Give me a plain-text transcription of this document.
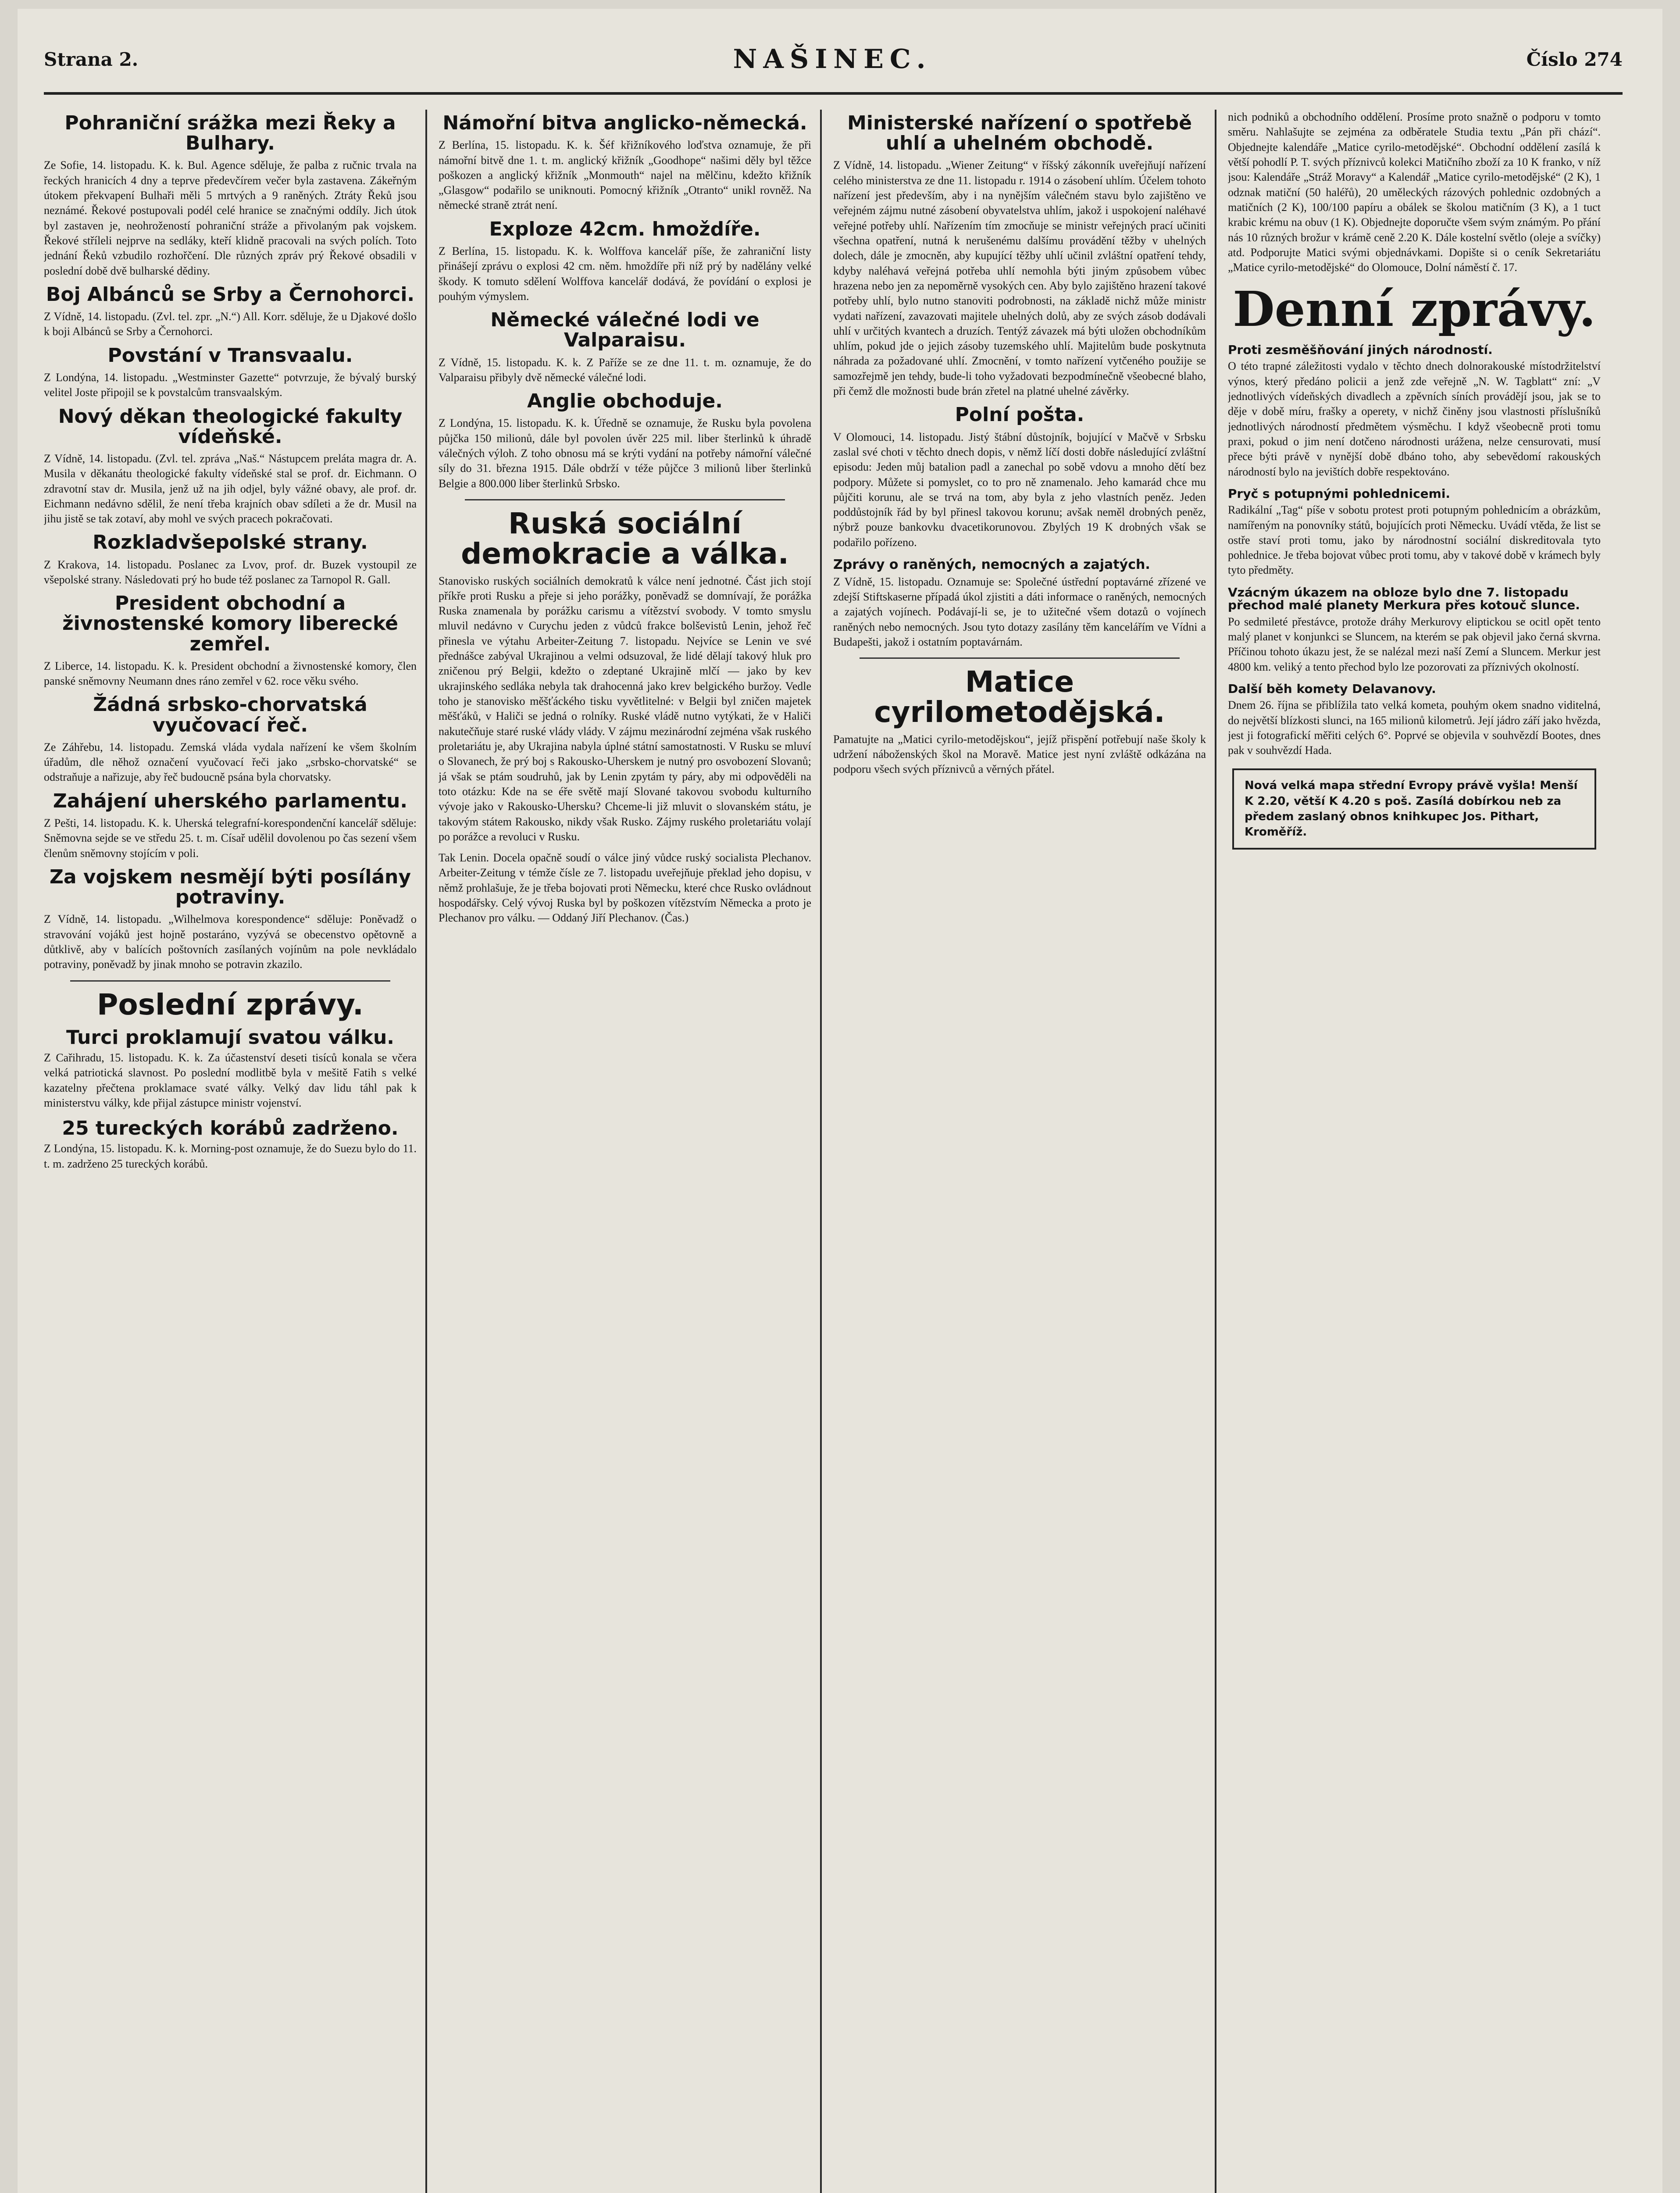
Strana 2.	NAŠINEC.	Číslo 274
Pohraniční srážka mezi Řeky a Bulhary.

Ze Sofie, 14. listopadu. K. k. Bul. Agence sděluje, že palba z ručnic trvala na řeckých hranicích 4 dny a teprve předevčírem večer byla zastavena. Zákeřným útokem překvapení Bulhaři měli 5 mrtvých a 9 raněných. Ztráty Řeků jsou neznámé. Řekové postupovali podél celé hranice se značnými oddíly. Jich útok byl zastaven je, neohrožeností pohraniční stráže a přivolaným pak vojskem. Řekové stříleli nejprve na sedláky, kteří klidně pracovali na svých polích. Toto jednání Řeků vzbudilo rozhořčení. Dle různých zpráv prý Řekové obsadili v poslední době dvě bulharské dědiny.

Boj Albánců se Srby a Černohorci.

Z Vídně, 14. listopadu. (Zvl. tel. zpr. „N.“) All. Korr. sděluje, že u Djakové došlo k boji Albánců se Srby a Černohorci.

Povstání v Transvaalu.

Z Londýna, 14. listopadu. „Westminster Gazette“ potvrzuje, že bývalý burský velitel Joste připojil se k povstalcům transvaalským.

Nový děkan theologické fakulty vídeňské.

Z Vídně, 14. listopadu. (Zvl. tel. zpráva „Naš.“ Nástupcem preláta magra dr. A. Musila v děkanátu theologické fakulty vídeňské stal se prof. dr. Eichmann. O zdravotní stav dr. Musila, jenž už na jih odjel, byly vážné obavy, ale prof. dr. Eichmann nedávno sdělil, že není třeba krajních obav sdíleti a že dr. Musil na jihu jistě se tak zotaví, aby mohl ve svých pracech pokračovati.

Rozkladvšepolské strany.

Z Krakova, 14. listopadu. Poslanec za Lvov, prof. dr. Buzek vystoupil ze všepolské strany. Následovati prý ho bude též poslanec za Tarnopol R. Gall.

President obchodní a živnostenské komory liberecké zemřel.

Z Liberce, 14. listopadu. K. k. President obchodní a živnostenské komory, člen panské sněmovny Neumann dnes ráno zemřel v 62. roce věku svého.

Žádná srbsko-chorvatská vyučovací řeč.

Ze Záhřebu, 14. listopadu. Zemská vláda vydala nařízení ke všem školním úřadům, dle něhož označení vyučovací řeči jako „srbsko-chorvatské“ se odstraňuje a nařizuje, aby řeč budoucně psána byla chorvatsky.

Zahájení uherského parlamentu.

Z Pešti, 14. listopadu. K. k. Uherská telegrafní-korespondenční kancelář sděluje: Sněmovna sejde se ve středu 25. t. m. Císař udělil dovolenou po čas sezení všem členům sněmovny stojícím v poli.

Za vojskem nesmějí býti posílány potraviny.

Z Vídně, 14. listopadu. „Wilhelmova korespondence“ sděluje: Poněvadž o stravování vojáků jest hojně postaráno, vyzývá se obecenstvo opětovně a důtklivě, aby v balících poštovních zasílaných vojínům na pole nevkládalo potraviny, poněvadž by jinak mnoho se potravin zkazilo.

Poslední zprávy.
Turci proklamují svatou válku.

Z Cařihradu, 15. listopadu. K. k. Za účastenství deseti tisíců konala se včera velká patriotická slavnost. Po poslední modlitbě byla v mešitě Fatih s velké kazatelny přečtena proklamace svaté války. Velký dav lidu táhl pak k ministerstvu války, kde přijal zástupce ministr vojenství.

25 tureckých korábů zadrženo.

Z Londýna, 15. listopadu. K. k. Morning-post oznamuje, že do Suezu bylo do 11. t. m. zadrženo 25 tureckých korábů.

Námořní bitva anglicko-německá.

Z Berlína, 15. listopadu. K. k. Šéf křižníkového loďstva oznamuje, že při námořní bitvě dne 1. t. m. anglický křižník „Goodhope“ našimi děly byl těžce poškozen a anglický křižník „Monmouth“ najel na mělčinu, kdežto křižník „Glasgow“ podařilo se uniknouti. Pomocný křižník „Otranto“ unikl rovněž. Na německé straně ztrát není.

Exploze 42cm. hmoždíře.

Z Berlína, 15. listopadu. K. k. Wolffova kancelář píše, že zahraniční listy přinášejí zprávu o explosi 42 cm. něm. hmoždíře při níž prý by nadělány velké škody. K tomuto sdělení Wolffova kancelář dodává, že povídání o explosi je pouhým výmyslem.

Německé válečné lodi ve Valparaisu.

Z Vídně, 15. listopadu. K. k. Z Paříže se ze dne 11. t. m. oznamuje, že do Valparaisu přibyly dvě německé válečné lodi.

Anglie obchoduje.

Z Londýna, 15. listopadu. K. k. Úředně se oznamuje, že Rusku byla povolena půjčka 150 milionů, dále byl povolen úvěr 225 mil. liber šterlinků k úhradě válečných výloh. Z toho obnosu má se krýti vydání na potřeby námořní válečné síly do 31. března 1915. Dále obdrží v téže půjčce 3 milionů liber šterlinků Belgie a 800.000 liber šterlinků Srbsko.

Ruská sociální demokracie a válka.

Stanovisko ruských sociálních demokratů k válce není jednotné. Část jich stojí příkře proti Rusku a přeje si jeho porážky, poněvadž se domnívají, že porážka Ruska znamenala by porážku carismu a vítězství svobody. V tomto smyslu mluvil nedávno v Curychu jeden z vůdců frakce bolševistů Lenin, jehož řeč přinesla ve výtahu Arbeiter-Zeitung 7. listopadu. Nejvíce se Lenin ve své přednášce zabýval Ukrajinou a velmi odsuzoval, že lidé dělají takový hluk pro zničenou prý Belgii, kdežto o zdeptané Ukrajině mlčí — jako by kev ukrajinského sedláka nebyla tak drahocenná jako krev belgického buržoy. Vedle toho je stanovisko měšťáckého tisku vyvětlitelné: v Belgii byl zničen majetek měšťáků, v Haliči se jedná o rolníky. Ruské vládě nutno vytýkati, že v Haliči nakutečňuje staré ruské vlády vlády. V zájmu mezinárodní zejména však ruského proletariátu je, aby Ukrajina nabyla úplné státní samostatnosti. V Rusku se mluví o Slovanech, že prý boj s Rakousko-Uherskem je nutný pro osvobození Slovanů; já však se ptám soudruhů, jak by Lenin zpytám ty páry, aby mi odpověděli na toto otázku: Kde na se éře světě mají Slované takovou svobodu kulturního vývoje jako v Rakousko-Uhersku? Chceme-li již mluvit o slovanském státu, je takovým státem Rakousko, nikdy však Rusko. Zájmy ruského proletariátu volají po porážce a revoluci v Rusku.

Tak Lenin. Docela opačně soudí o válce jiný vůdce ruský socialista Plechanov. Arbeiter-Zeitung v témže čísle ze 7. listopadu uveřejňuje překlad jeho dopisu, v němž prohlašuje, že je třeba bojovati proti Německu, které chce Rusko ovládnout hospodářsky. Celý vývoj Ruska byl by poškozen vítězstvím Německa a proto je Plechanov pro válku. — Oddaný Jiří Plechanov. (Čas.)

Ministerské nařízení o spotřebě uhlí a uhelném obchodě.

Z Vídně, 14. listopadu. „Wiener Zeitung“ v říšský zákonník uveřejňují nařízení celého ministerstva ze dne 11. listopadu r. 1914 o zásobení uhlím. Účelem tohoto nařízení jest především, aby i na nynějším válečném stavu bylo zajištěno ve veřejném zájmu nutné zásobení obyvatelstva uhlím, jakož i uspokojení naléhavé veřejné potřeby uhlí. Nařízením tím zmocňuje se ministr veřejných prací učiniti všechna opatření, nutná k nerušenému dalšímu provádění těžby v uhelných dolech, dále je zmocněn, aby kupující těžby uhlí učinil zvláštní opatření tehdy, kdyby naléhavá veřejná potřeba uhlí nemohla býti jiným způsobem vůbec hrazena nebo jen za nepoměrně vysokých cen. Aby bylo zajištěno hrazení takové potřeby uhlí, bylo nutno stanoviti podrobnosti, na základě nichž může ministr vydati nařízení, zavazovati majitele uhelných dolů, aby ze svých zásob dodávali uhlí v určitých kvantech a druzích. Tentýž závazek má býti uložen obchodníkům uhlím, pokud jde o jejich zásoby tuzemského uhlí. Majitelům bude poskytnuta náhrada za požadované uhlí. Zmocnění, v tomto nařízení vytčeného použije se samozřejmě jen tehdy, bude-li toho vyžadovati bezpodmínečně všeobecné blaho, při čemž dle možnosti bude brán zřetel na platné uhelné závěrky.

Polní pošta.

V Olomouci, 14. listopadu. Jistý štábní důstojník, bojující v Mačvě v Srbsku zaslal své choti v těchto dnech dopis, v němž líčí dosti dobře následující zvláštní episodu: Jeden můj batalion padl a zanechal po sobě vdovu a mnoho dětí bez podpory. Můžete si pomyslet, co to pro ně znamenalo. Jeho kamarád chce mu půjčiti korunu, ale se trvá na tom, aby byla z jeho vlastních peněz. Jeden poddůstojník řád by byl přinesl takovou korunu; avšak neměl drobných peněz, nýbrž pouze bankovku dvacetikorunovou. Zbylých 19 K drobných však se podařilo pořízeno.

Zprávy o raněných, nemocných a zajatých.

Z Vídně, 15. listopadu. Oznamuje se: Společné ústřední poptavárné zřízené ve zdejší Stiftskaserne případá úkol zjistiti a dáti informace o raněných, nemocných a zajatých vojínech. Podávají-li se, je to užitečné všem dotazů o vojínech raněných nebo nemocných. Jsou tyto dotazy zasílány těm kancelářím ve Vídni a Budapešti, jakož i ostatním poptavárnám.

Matice cyrilometodějská.

Pamatujte na „Matici cyrilo-metodějskou“, jejíž přispění potřebují naše školy k udržení náboženských škol na Moravě. Matice jest nyní zvláště odkázána na podporu všech svých příznivců a věrných přátel.

nich podniků a obchodního oddělení. Prosíme proto snažně o podporu v tomto směru. Nahlašujte se zejména za odběratele Studia textu „Pán při chází“. Objednejte kalendáře „Matice cyrilo-metodějské“. Obchodní oddělení zasílá k větší pohodlí P. T. svých příznivců kolekci Matičního zboží za 10 K franko, v níž jsou: Kalendáře „Stráž Moravy“ a Kalendář „Matice cyrilo-metodějské“ (2 K), 1 odznak matiční (50 haléřů), 20 uměleckých rázových pohlednic ozdobných a matičních (2 K), 100/100 papíru a obálek se školou matičním (3 K), a 1 tuct krabic krému na obuv (1 K). Objednejte doporučte všem svým známým. Po přání nás 10 různých brožur v krámě ceně 2.20 K. Dále kostelní světlo (oleje a svíčky) atd. Podporujte Matici svými objednávkami. Dopište si o ceník Sekretariátu „Matice cyrilo-metodějské“ do Olomouce, Dolní náměstí č. 17.

Denní zprávy.
Proti zesměšňování jiných národností.

O této trapné záležitosti vydalo v těchto dnech dolnorakouské místodržitelství výnos, který předáno policii a jenž zde veřejně „N. W. Tagblatt“ zní: „V jednotlivých vídeňských divadlech a zpěvních síních provádějí jsou, jak se to děje v době míru, frašky a operety, v nichž činěny jsou vlastnosti příslušníků jednotlivých národností předmětem výsměchu. I když všeobecně proti tomu praxi, pokud o jim není dotčeno národnosti urážena, nelze censurovati, musí přece býti právě v nynější době dbáno toho, aby sebevědomí rakouských národností bylo na jevištích dobře respektováno.

Pryč s potupnými pohlednicemi.

Radikální „Tag“ píše v sobotu protest proti potupným pohlednicím a obrázkům, namířeným na ponovníky států, bojujících proti Německu. Uvádí vtěda, že list se ostře staví proti tomu, jako by národnostní sociální diskreditovala tyto pohlednice. Je třeba bojovat vůbec proti tomu, aby v takové době v krámech byly tyto předměty.

Vzácným úkazem na obloze bylo dne 7. listopadu přechod malé planety Merkura přes kotouč slunce.

Po sedmileté přestávce, protože dráhy Merkurovy eliptickou se ocitl opět tento malý planet v konjunkci se Sluncem, na kterém se pak objevil jako černá skvrna. Příčinou tohoto úkazu jest, že se nalézal mezi naší Zemí a Sluncem. Merkur jest 4800 km. veliký a tento přechod bylo lze pozorovati za příznivých okolností.

Další běh komety Delavanovy.

Dnem 26. října se přiblížila tato velká kometa, pouhým okem snadno viditelná, do největší blízkosti slunci, na 165 milionů kilometrů. Její jádro září jako hvězda, jest ji fotografickí měřiti celých 6°. Poprvé se objevila v souhvězdí Bootes, dnes pak v souhvězdí Hada.

Nová velká mapa střední Evropy právě vyšla! Menší K 2.20, větší K 4.20 s poš. Zasílá dobírkou neb za předem zaslaný obnos knihkupec Jos. Pithart, Kroměříž.
